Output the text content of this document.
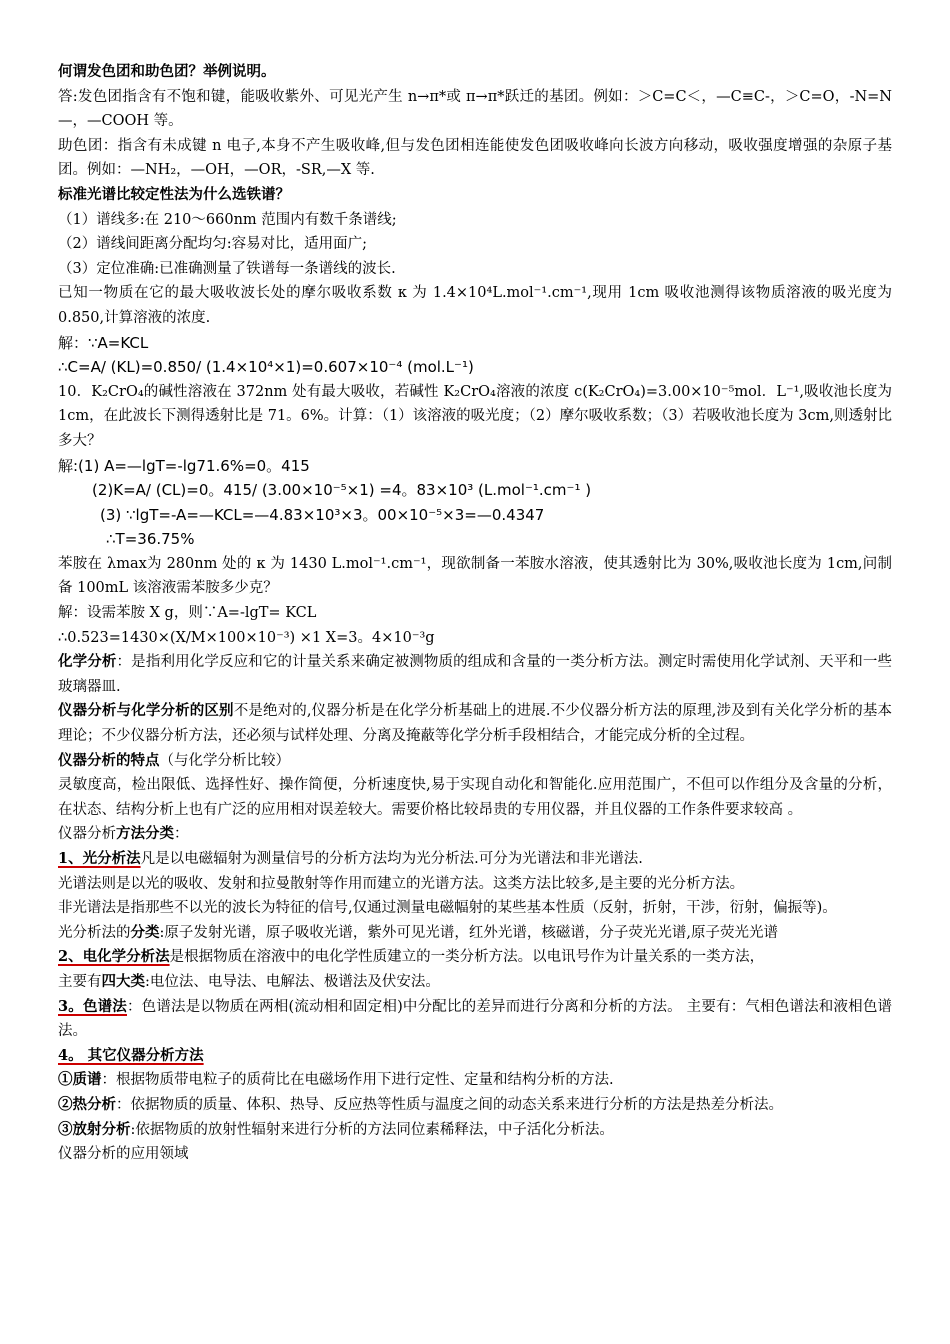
何谓发色团和助色团？举例说明。
答:发色团指含有不饱和键，能吸收紫外、可见光产生 n→π*或 π→π*跃迁的基团。例如：＞C=C＜，—C≡C-，＞C=O，-N=N—，—COOH 等。
助色团：指含有未成键 n 电子,本身不产生吸收峰,但与发色团相连能使发色团吸收峰向长波方向移动，吸收强度增强的杂原子基团。例如：—NH₂，—OH，—OR，-SR,—X 等.
标准光谱比较定性法为什么选铁谱？
（1）谱线多:在 210～660nm 范围内有数千条谱线;
（2）谱线间距离分配均匀:容易对比，适用面广;
（3）定位准确:已准确测量了铁谱每一条谱线的波长.
已知一物质在它的最大吸收波长处的摩尔吸收系数 κ 为 1.4×10⁴L.mol⁻¹.cm⁻¹,现用 1cm 吸收池测得该物质溶液的吸光度为 0.850,计算溶液的浓度.
解：∵A=KCL
∴C=A/ (KL)=0.850/ (1.4×10⁴×1)=0.607×10⁻⁴ (mol.L⁻¹)
10．K₂CrO₄的碱性溶液在 372nm 处有最大吸收，若碱性 K₂CrO₄溶液的浓度 c(K₂CrO₄)=3.00×10⁻⁵mol．L⁻¹,吸收池长度为 1cm，在此波长下测得透射比是 71。6%。计算：（1）该溶液的吸光度；（2）摩尔吸收系数；（3）若吸收池长度为 3cm,则透射比多大？
解:(1) A=—lgT=-lg71.6%=0。415
(2)K=A/ (CL)=0。415/ (3.00×10⁻⁵×1) =4。83×10³ (L.mol⁻¹.cm⁻¹ )
(3) ∵lgT=-A=—KCL=—4.83×10³×3。00×10⁻⁵×3=—0.4347
∴T=36.75%
苯胺在 λmax为 280nm 处的 κ 为 1430 L.mol⁻¹.cm⁻¹，现欲制备一苯胺水溶液，使其透射比为 30%,吸收池长度为 1cm,问制备 100mL 该溶液需苯胺多少克？
解：设需苯胺 X g，则∵A=-lgT= KCL
∴0.523=1430×(X/M×100×10⁻³) ×1 X=3。4×10⁻³g
化学分析：是指利用化学反应和它的计量关系来确定被测物质的组成和含量的一类分析方法。测定时需使用化学试剂、天平和一些玻璃器皿.
仪器分析与化学分析的区别不是绝对的,仪器分析是在化学分析基础上的进展.不少仪器分析方法的原理,涉及到有关化学分析的基本理论；不少仪器分析方法，还必须与试样处理、分离及掩蔽等化学分析手段相结合，才能完成分析的全过程。
仪器分析的特点（与化学分析比较）
灵敏度高，检出限低、选择性好、操作简便，分析速度快,易于实现自动化和智能化.应用范围广，不但可以作组分及含量的分析，在状态、结构分析上也有广泛的应用相对误差较大。需要价格比较昂贵的专用仪器，并且仪器的工作条件要求较高 。
仪器分析方法分类：
1、光分析法凡是以电磁辐射为测量信号的分析方法均为光分析法.可分为光谱法和非光谱法.
光谱法则是以光的吸收、发射和拉曼散射等作用而建立的光谱方法。这类方法比较多,是主要的光分析方法。
非光谱法是指那些不以光的波长为特征的信号,仅通过测量电磁幅射的某些基本性质（反射，折射，干涉，衍射，偏振等)。
光分析法的分类:原子发射光谱，原子吸收光谱，紫外可见光谱，红外光谱，核磁谱，分子荧光光谱,原子荧光光谱
2、电化学分析法是根据物质在溶液中的电化学性质建立的一类分析方法。以电讯号作为计量关系的一类方法，
主要有四大类:电位法、电导法、电解法、极谱法及伏安法。
3。色谱法：色谱法是以物质在两相(流动相和固定相)中分配比的差异而进行分离和分析的方法。 主要有：气相色谱法和液相色谱法。
4。 其它仪器分析方法
①质谱：根据物质带电粒子的质荷比在电磁场作用下进行定性、定量和结构分析的方法.
②热分析：依据物质的质量、体积、热导、反应热等性质与温度之间的动态关系来进行分析的方法是热差分析法。
③放射分析:依据物质的放射性辐射来进行分析的方法同位素稀释法，中子活化分析法。
仪器分析的应用领域
